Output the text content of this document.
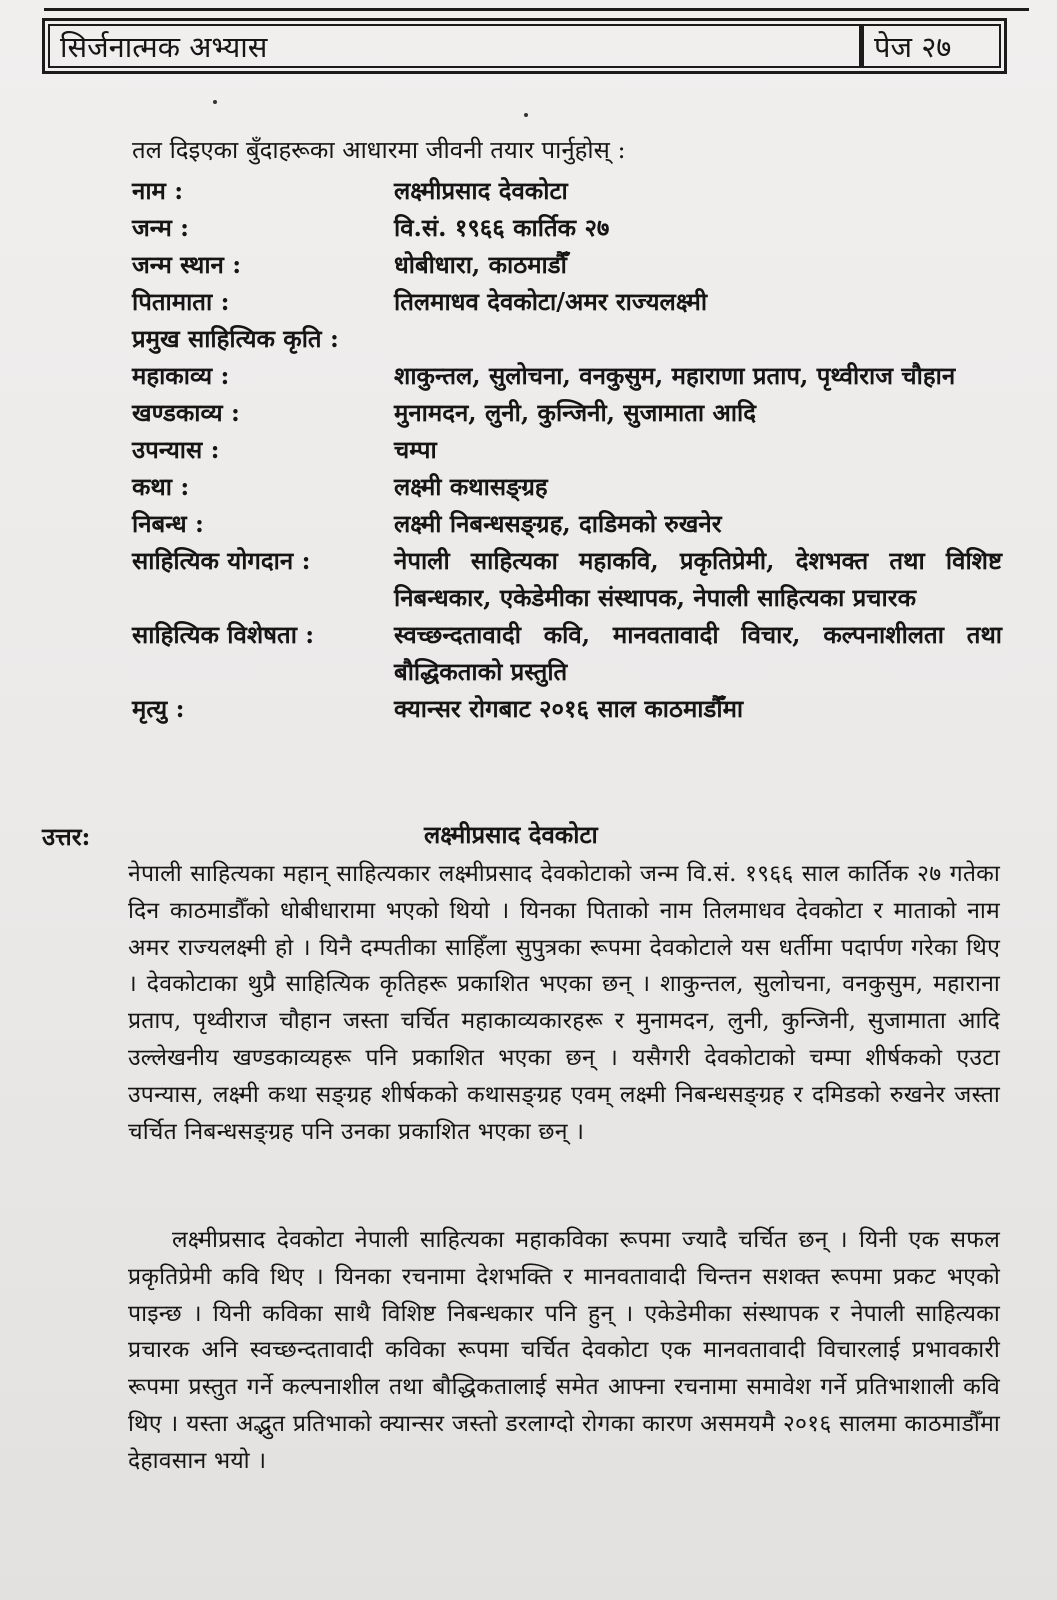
सिर्जनात्मक अभ्यास	पेज २७
तल दिइएका बुँदाहरूका आधारमा जीवनी तयार पार्नुहोस् :
नाम :	लक्ष्मीप्रसाद देवकोटा
जन्म :	वि.सं. १९६६ कार्तिक २७
जन्म स्थान :	धोबीधारा, काठमाडौँ
पितामाता :	तिलमाधव देवकोटा/अमर राज्यलक्ष्मी
प्रमुख साहित्यिक कृति :
महाकाव्य :	शाकुन्तल, सुलोचना, वनकुसुम, महाराणा प्रताप, पृथ्वीराज चौहान
खण्डकाव्य :	मुनामदन, लुनी, कुन्जिनी, सुजामाता आदि
उपन्यास :	चम्पा
कथा :	लक्ष्मी कथासङ्ग्रह
निबन्ध :	लक्ष्मी निबन्धसङ्ग्रह, दाडिमको रुखनेर
साहित्यिक योगदान :	नेपाली साहित्यका महाकवि, प्रकृतिप्रेमी, देशभक्त तथा विशिष्ट निबन्धकार, एकेडेमीका संस्थापक, नेपाली साहित्यका प्रचारक
साहित्यिक विशेषता :	स्वच्छन्दतावादी कवि, मानवतावादी विचार, कल्पनाशीलता तथा बौद्धिकताको प्रस्तुति
मृत्यु :	क्यान्सर रोगबाट २०१६ साल काठमाडौँमा
उत्तर:	लक्ष्मीप्रसाद देवकोटा

नेपाली साहित्यका महान् साहित्यकार लक्ष्मीप्रसाद देवकोटाको जन्म वि.सं. १९६६ साल कार्तिक २७ गतेका दिन काठमाडौँको धोबीधारामा भएको थियो । यिनका पिताको नाम तिलमाधव देवकोटा र माताको नाम अमर राज्यलक्ष्मी हो । यिनै दम्पतीका साहिँला सुपुत्रका रूपमा देवकोटाले यस धर्तीमा पदार्पण गरेका थिए । देवकोटाका थुप्रै साहित्यिक कृतिहरू प्रकाशित भएका छन् । शाकुन्तल, सुलोचना, वनकुसुम, महाराना प्रताप, पृथ्वीराज चौहान जस्ता चर्चित महाकाव्यकारहरू र मुनामदन, लुनी, कुन्जिनी, सुजामाता आदि उल्लेखनीय खण्डकाव्यहरू पनि प्रकाशित भएका छन् । यसैगरी देवकोटाको चम्पा शीर्षकको एउटा उपन्यास, लक्ष्मी कथा सङ्ग्रह शीर्षकको कथासङ्ग्रह एवम् लक्ष्मी निबन्धसङ्ग्रह र दमिडको रुखनेर जस्ता चर्चित निबन्धसङ्ग्रह पनि उनका प्रकाशित भएका छन् ।

लक्ष्मीप्रसाद देवकोटा नेपाली साहित्यका महाकविका रूपमा ज्यादै चर्चित छन् । यिनी एक सफल प्रकृतिप्रेमी कवि थिए । यिनका रचनामा देशभक्ति र मानवतावादी चिन्तन सशक्त रूपमा प्रकट भएको पाइन्छ । यिनी कविका साथै विशिष्ट निबन्धकार पनि हुन् । एकेडेमीका संस्थापक र नेपाली साहित्यका प्रचारक अनि स्वच्छन्दतावादी कविका रूपमा चर्चित देवकोटा एक मानवतावादी विचारलाई प्रभावकारी रूपमा प्रस्तुत गर्ने कल्पनाशील तथा बौद्धिकतालाई समेत आफ्ना रचनामा समावेश गर्ने प्रतिभाशाली कवि थिए । यस्ता अद्भुत प्रतिभाको क्यान्सर जस्तो डरलाग्दो रोगका कारण असमयमै २०१६ सालमा काठमाडौँमा देहावसान भयो ।
